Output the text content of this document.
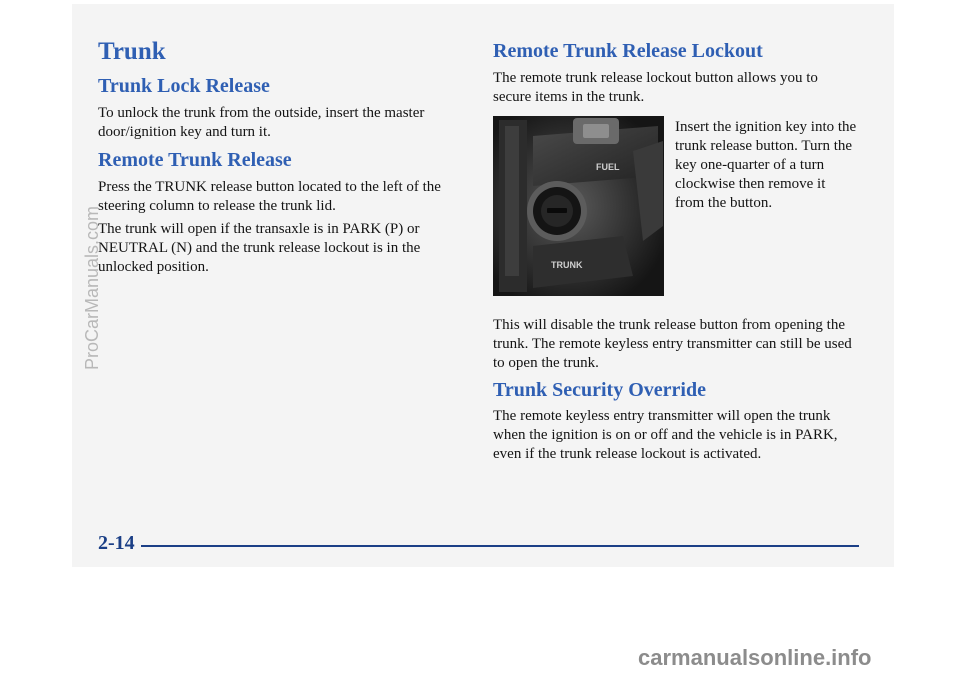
Trunk
Trunk Lock Release

To unlock the trunk from the outside, insert the master door/ignition key and turn it.

Remote Trunk Release

Press the TRUNK release button located to the left of the steering column to release the trunk lid.

The trunk will open if the transaxle is in PARK (P) or NEUTRAL (N) and the trunk release lockout is in the unlocked position.

Remote Trunk Release Lockout

The remote trunk release lockout button allows you to secure items in the trunk.

FUEL
TRUNK

Insert the ignition key into the trunk release button. Turn the key one-quarter of a turn clockwise then remove it from the button.

This will disable the trunk release button from opening the trunk. The remote keyless entry transmitter can still be used to open the trunk.

Trunk Security Override

The remote keyless entry transmitter will open the trunk when the ignition is on or off and the vehicle is in PARK, even if the trunk release lockout is activated.

2-14

ProCarManuals.com
carmanualsonline.info
